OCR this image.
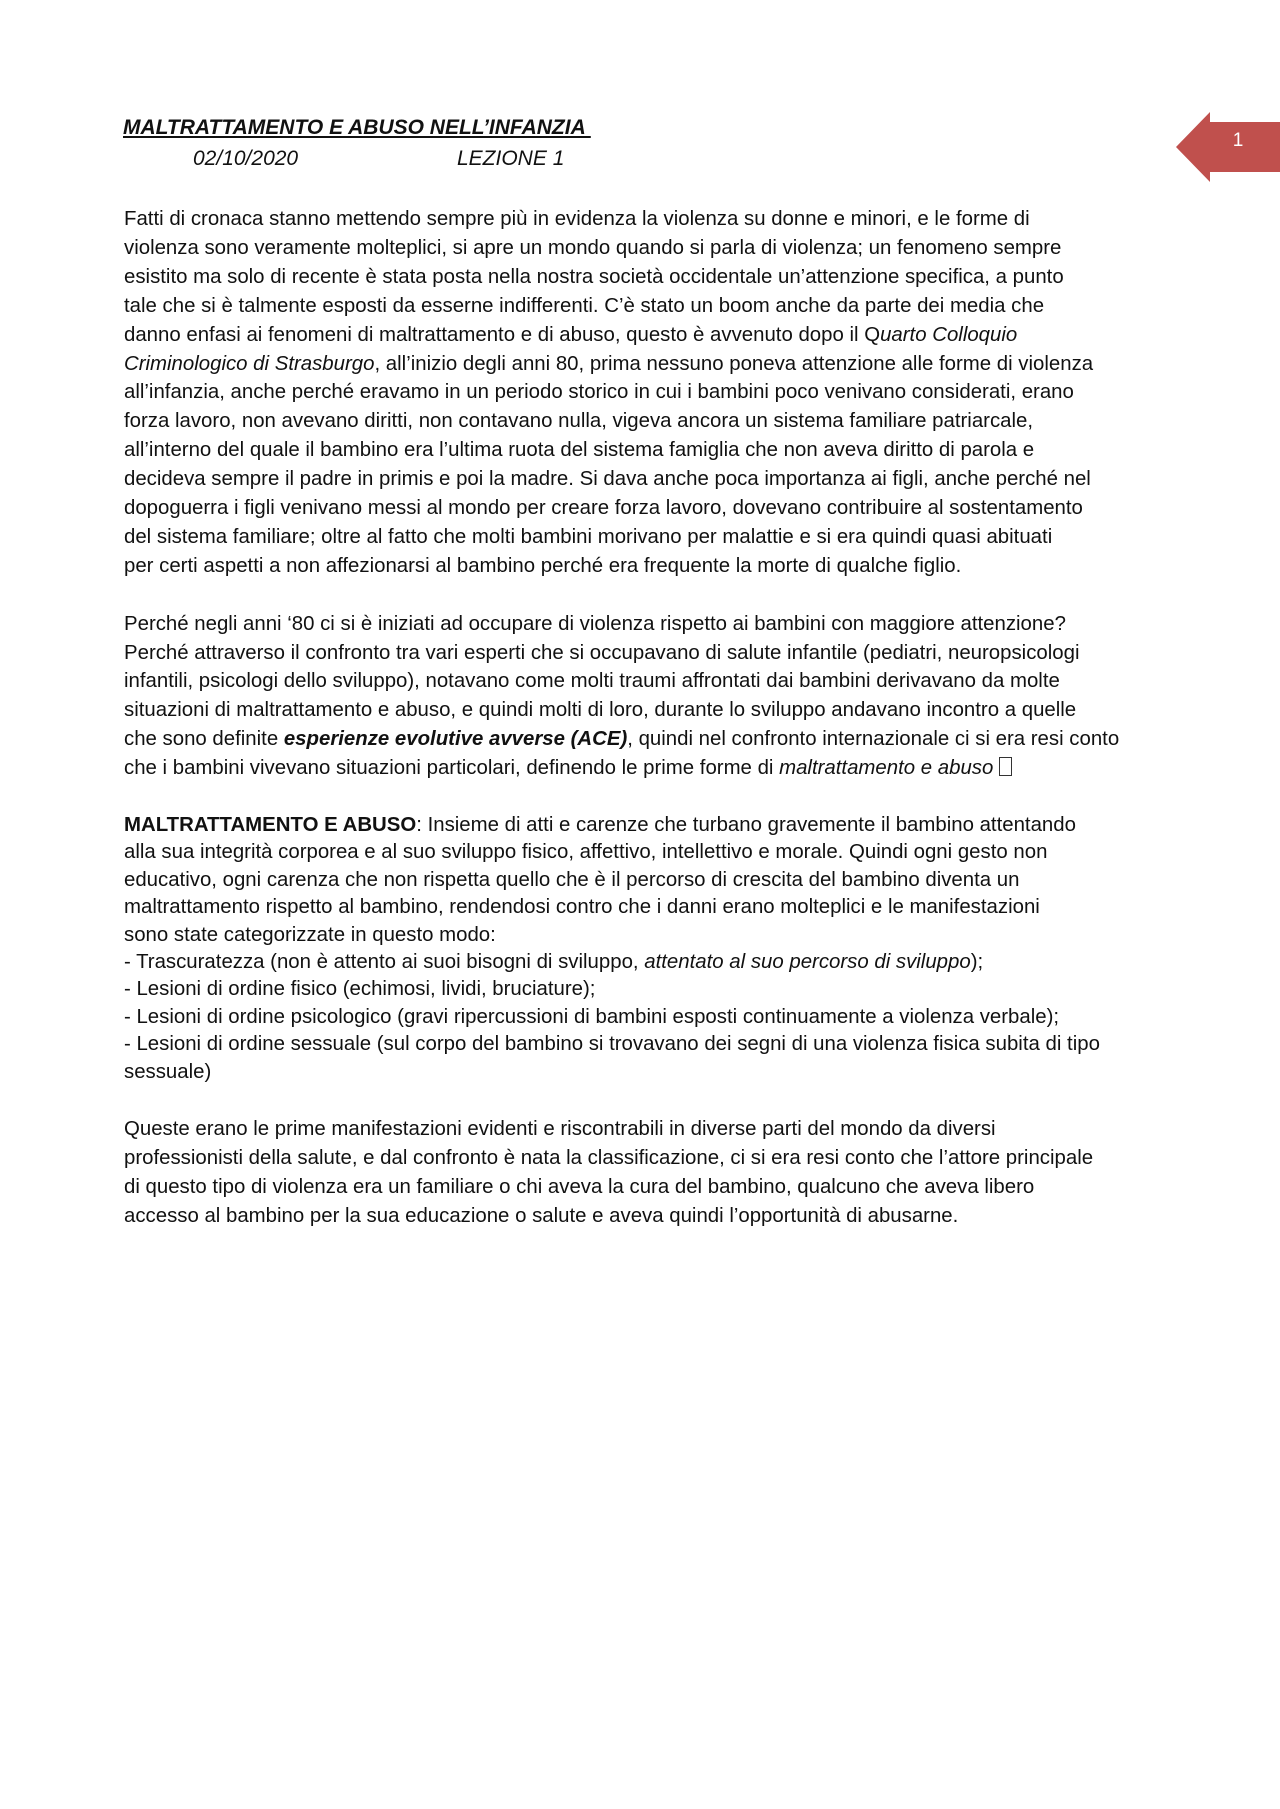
MALTRATTAMENTO E ABUSO NELL’INFANZIA
02/10/2020	LEZIONE 1
1

Fatti di cronaca stanno mettendo sempre più in evidenza la violenza su donne e minori, e le forme di
violenza sono veramente molteplici, si apre un mondo quando si parla di violenza; un fenomeno sempre
esistito ma solo di recente è stata posta nella nostra società occidentale un’attenzione specifica, a punto
tale che si è talmente esposti da esserne indifferenti. C’è stato un boom anche da parte dei media che
danno enfasi ai fenomeni di maltrattamento e di abuso, questo è avvenuto dopo il Quarto Colloquio
Criminologico di Strasburgo, all’inizio degli anni 80, prima nessuno poneva attenzione alle forme di violenza
all’infanzia, anche perché eravamo in un periodo storico in cui i bambini poco venivano considerati, erano
forza lavoro, non avevano diritti, non contavano nulla, vigeva ancora un sistema familiare patriarcale,
all’interno del quale il bambino era l’ultima ruota del sistema famiglia che non aveva diritto di parola e
decideva sempre il padre in primis e poi la madre. Si dava anche poca importanza ai figli, anche perché nel
dopoguerra i figli venivano messi al mondo per creare forza lavoro, dovevano contribuire al sostentamento
del sistema familiare; oltre al fatto che molti bambini morivano per malattie e si era quindi quasi abituati
per certi aspetti a non affezionarsi al bambino perché era frequente la morte di qualche figlio.

Perché negli anni ‘80 ci si è iniziati ad occupare di violenza rispetto ai bambini con maggiore attenzione?
Perché attraverso il confronto tra vari esperti che si occupavano di salute infantile (pediatri, neuropsicologi
infantili, psicologi dello sviluppo), notavano come molti traumi affrontati dai bambini derivavano da molte
situazioni di maltrattamento e abuso, e quindi molti di loro, durante lo sviluppo andavano incontro a quelle
che sono definite esperienze evolutive avverse (ACE), quindi nel confronto internazionale ci si era resi conto
che i bambini vivevano situazioni particolari, definendo le prime forme di maltrattamento e abuso

MALTRATTAMENTO E ABUSO: Insieme di atti e carenze che turbano gravemente il bambino attentando
alla sua integrità corporea e al suo sviluppo fisico, affettivo, intellettivo e morale. Quindi ogni gesto non
educativo, ogni carenza che non rispetta quello che è il percorso di crescita del bambino diventa un
maltrattamento rispetto al bambino, rendendosi contro che i danni erano molteplici e le manifestazioni
sono state categorizzate in questo modo:
- Trascuratezza (non è attento ai suoi bisogni di sviluppo, attentato al suo percorso di sviluppo);
- Lesioni di ordine fisico (echimosi, lividi, bruciature);
- Lesioni di ordine psicologico (gravi ripercussioni di bambini esposti continuamente a violenza verbale);
- Lesioni di ordine sessuale (sul corpo del bambino si trovavano dei segni di una violenza fisica subita di tipo
sessuale)

Queste erano le prime manifestazioni evidenti e riscontrabili in diverse parti del mondo da diversi
professionisti della salute, e dal confronto è nata la classificazione, ci si era resi conto che l’attore principale
di questo tipo di violenza era un familiare o chi aveva la cura del bambino, qualcuno che aveva libero
accesso al bambino per la sua educazione o salute e aveva quindi l’opportunità di abusarne.
